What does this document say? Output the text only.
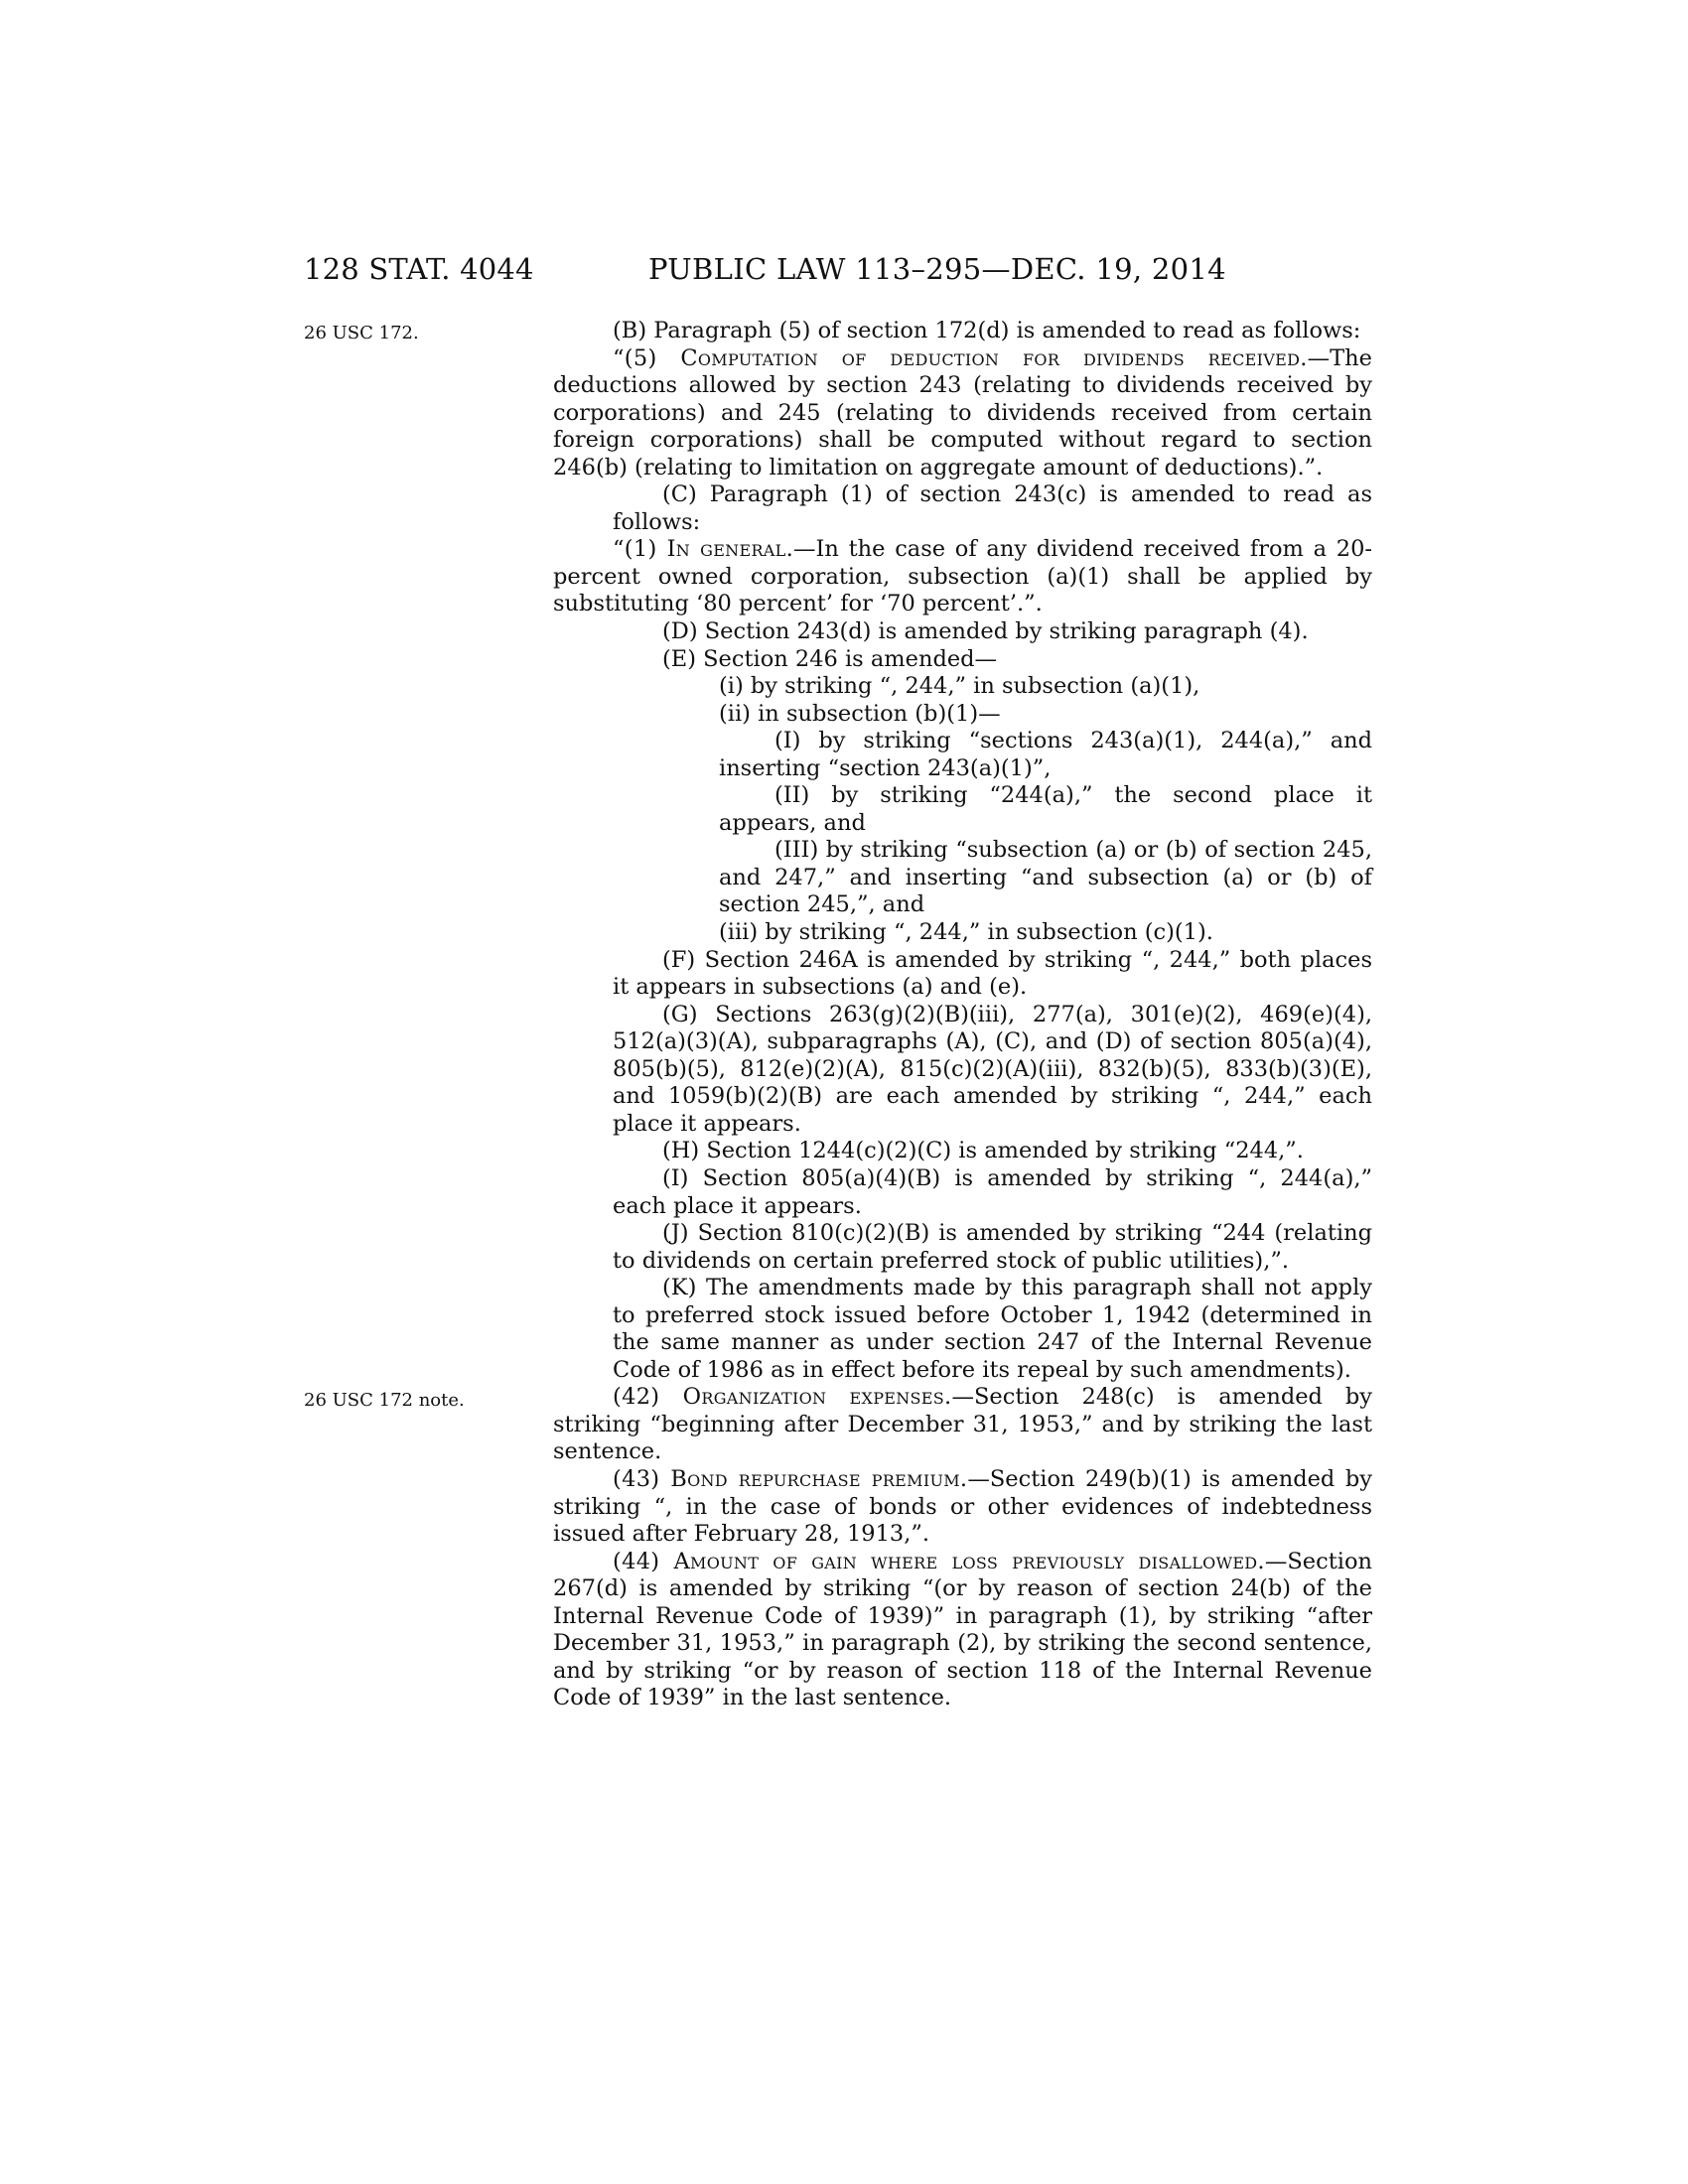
128 STAT. 4044	PUBLIC LAW 113–295—DEC. 19, 2014
26 USC 172.
26 USC 172 note.

(B) Paragraph (5) of section 172(d) is amended to read as follows:

“(5) Computation of deduction for dividends received.—The deductions allowed by section 243 (relating to dividends received by corporations) and 245 (relating to dividends received from certain foreign corporations) shall be computed without regard to section 246(b) (relating to limitation on aggregate amount of deductions).”.

(C) Paragraph (1) of section 243(c) is amended to read as follows:

“(1) In general.—In the case of any dividend received from a 20-percent owned corporation, subsection (a)(1) shall be applied by substituting ‘80 percent’ for ‘70 percent’.”.

(D) Section 243(d) is amended by striking paragraph (4).

(E) Section 246 is amended—

(i) by striking “, 244,” in subsection (a)(1),

(ii) in subsection (b)(1)—

(I) by striking “sections 243(a)(1), 244(a),” and inserting “section 243(a)(1)”,

(II) by striking “244(a),” the second place it appears, and

(III) by striking “subsection (a) or (b) of section 245, and 247,” and inserting “and subsection (a) or (b) of section 245,”, and

(iii) by striking “, 244,” in subsection (c)(1).

(F) Section 246A is amended by striking “, 244,” both places it appears in subsections (a) and (e).

(G) Sections 263(g)(2)(B)(iii), 277(a), 301(e)(2), 469(e)(4), 512(a)(3)(A), subparagraphs (A), (C), and (D) of section 805(a)(4), 805(b)(5), 812(e)(2)(A), 815(c)(2)(A)(iii), 832(b)(5), 833(b)(3)(E), and 1059(b)(2)(B) are each amended by striking “, 244,” each place it appears.

(H) Section 1244(c)(2)(C) is amended by striking “244,”.

(I) Section 805(a)(4)(B) is amended by striking “, 244(a),” each place it appears.

(J) Section 810(c)(2)(B) is amended by striking “244 (relating to dividends on certain preferred stock of public utilities),”.

(K) The amendments made by this paragraph shall not apply to preferred stock issued before October 1, 1942 (determined in the same manner as under section 247 of the Internal Revenue Code of 1986 as in effect before its repeal by such amendments).

(42) Organization expenses.—Section 248(c) is amended by striking “beginning after December 31, 1953,” and by striking the last sentence.

(43) Bond repurchase premium.—Section 249(b)(1) is amended by striking “, in the case of bonds or other evidences of indebtedness issued after February 28, 1913,”.

(44) Amount of gain where loss previously disallowed.—Section 267(d) is amended by striking “(or by reason of section 24(b) of the Internal Revenue Code of 1939)” in paragraph (1), by striking “after December 31, 1953,” in paragraph (2), by striking the second sentence, and by striking “or by reason of section 118 of the Internal Revenue Code of 1939” in the last sentence.
